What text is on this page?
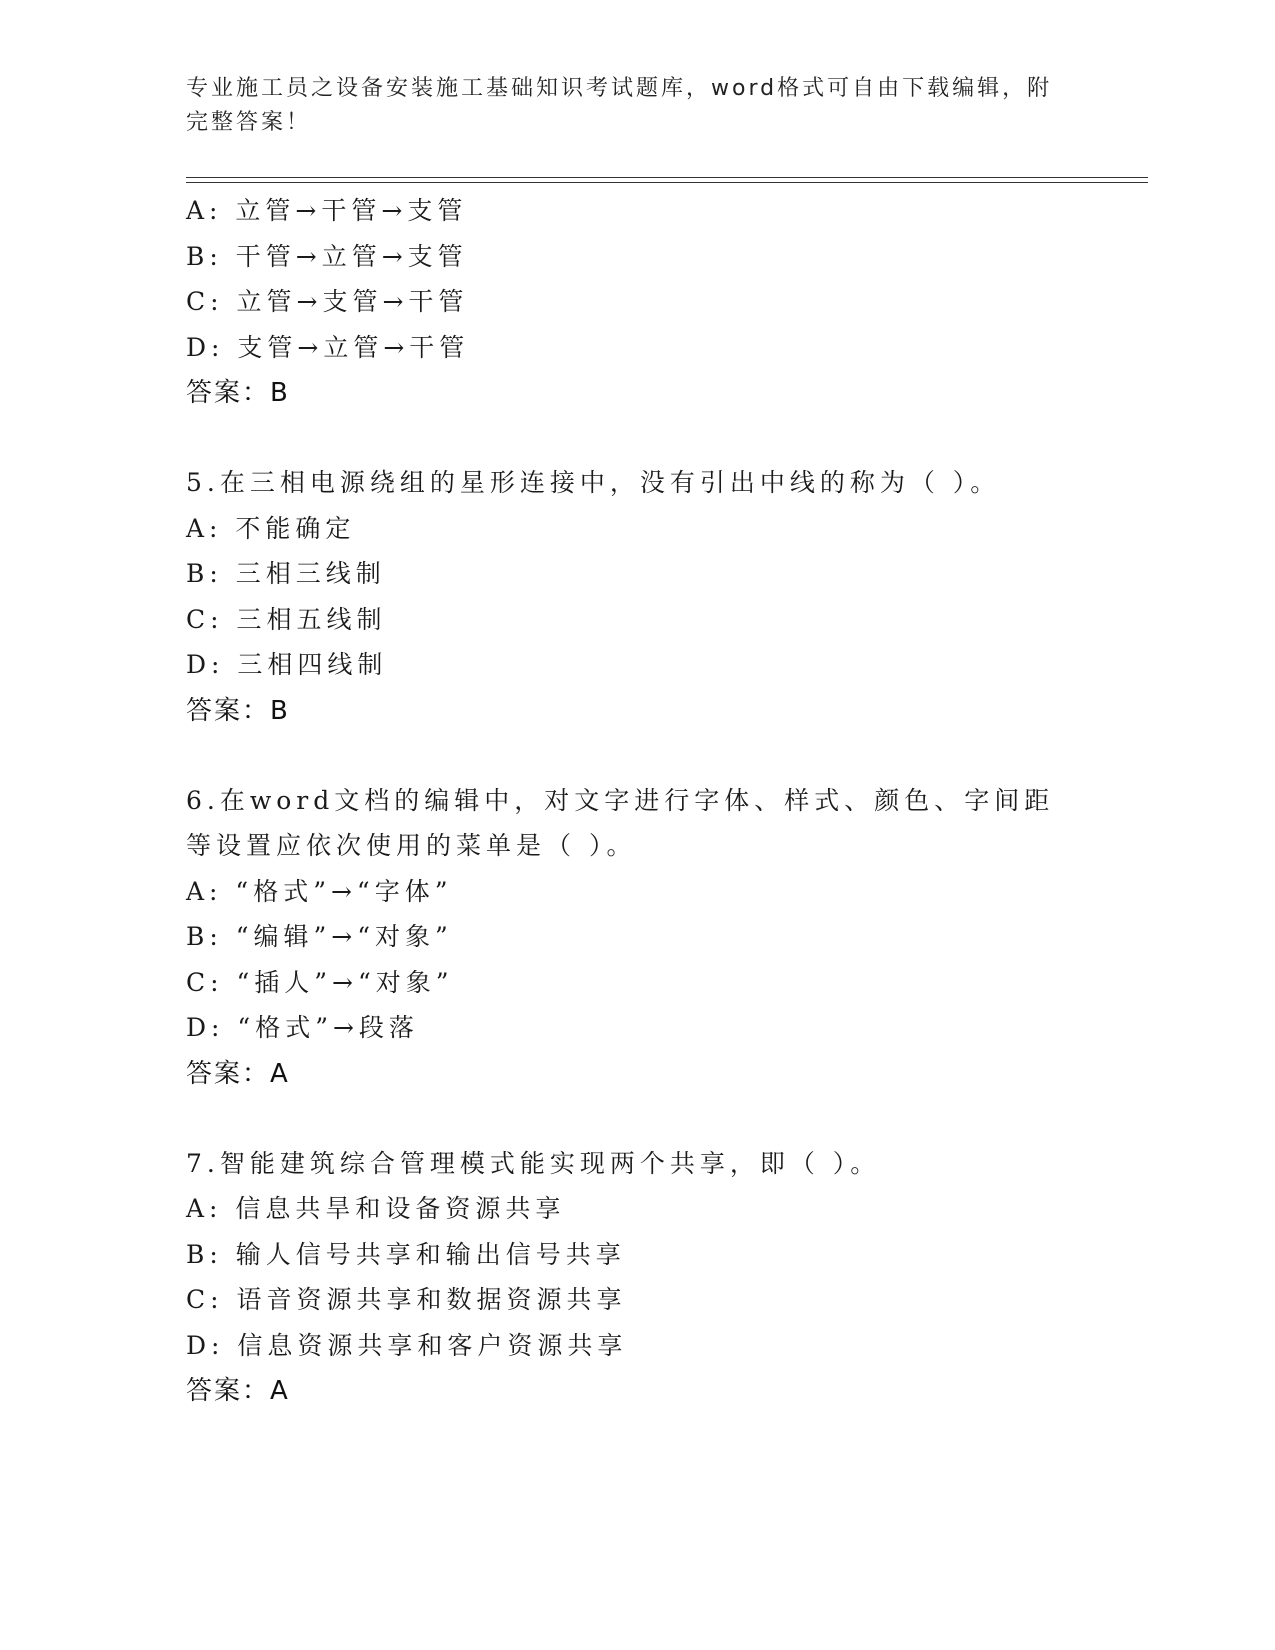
专业施工员之设备安装施工基础知识考试题库，word格式可自由下载编辑，附完整答案！
A: 立管→干管→支管
B: 干管→立管→支管
C: 立管→支管→干管
D: 支管→立管→干管
答案：B
5.在三相电源绕组的星形连接中，没有引出中线的称为（ ）。
A: 不能确定
B: 三相三线制
C: 三相五线制
D: 三相四线制
答案：B
6.在word文档的编辑中，对文字进行字体、样式、颜色、字间距等设置应依次使用的菜单是（ ）。
A: “格式”→“字体”
B: “编辑”→“对象”
C: “插人”→“对象”
D: “格式”→段落
答案：A
7.智能建筑综合管理模式能实现两个共享，即（ ）。
A: 信息共旱和设备资源共享
B: 输人信号共享和输出信号共享
C: 语音资源共享和数据资源共享
D: 信息资源共享和客户资源共享
答案：A
